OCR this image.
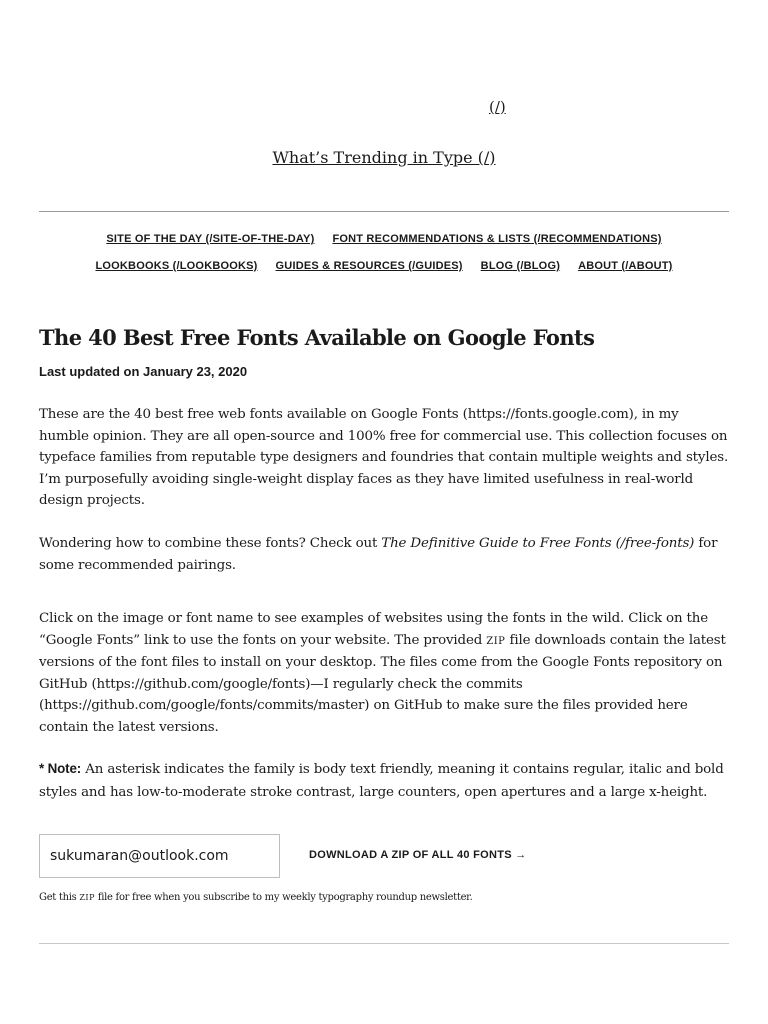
(/)
What’s Trending in Type (/)
SITE OF THE DAY (/SITE-OF-THE-DAY) FONT RECOMMENDATIONS & LISTS (/RECOMMENDATIONS)
LOOKBOOKS (/LOOKBOOKS) GUIDES & RESOURCES (/GUIDES) BLOG (/BLOG) ABOUT (/ABOUT)
The 40 Best Free Fonts Available on Google Fonts
Last updated on January 23, 2020

These are the 40 best free web fonts available on Google Fonts (https://fonts.google.com), in my humble opinion. They are all open-source and 100% free for commercial use. This collection focuses on typeface families from reputable type designers and foundries that contain multiple weights and styles. I’m purposefully avoiding single-weight display faces as they have limited usefulness in real-world design projects.

Wondering how to combine these fonts? Check out The Definitive Guide to Free Fonts (/free-fonts) for some recommended pairings.

Click on the image or font name to see examples of websites using the fonts in the wild. Click on the “Google Fonts” link to use the fonts on your website. The provided ZIP file downloads contain the latest versions of the font files to install on your desktop. The files come from the Google Fonts repository on GitHub (https://github.com/google/fonts)—I regularly check the commits (https://github.com/google/fonts/commits/master) on GitHub to make sure the files provided here contain the latest versions.

* Note: An asterisk indicates the family is body text friendly, meaning it contains regular, italic and bold styles and has low-to-moderate stroke contrast, large counters, open apertures and a large x-height.

sukumaran@outlook.com
DOWNLOAD A ZIP OF ALL 40 FONTS →
Get this ZIP file for free when you subscribe to my weekly typography roundup newsletter.
